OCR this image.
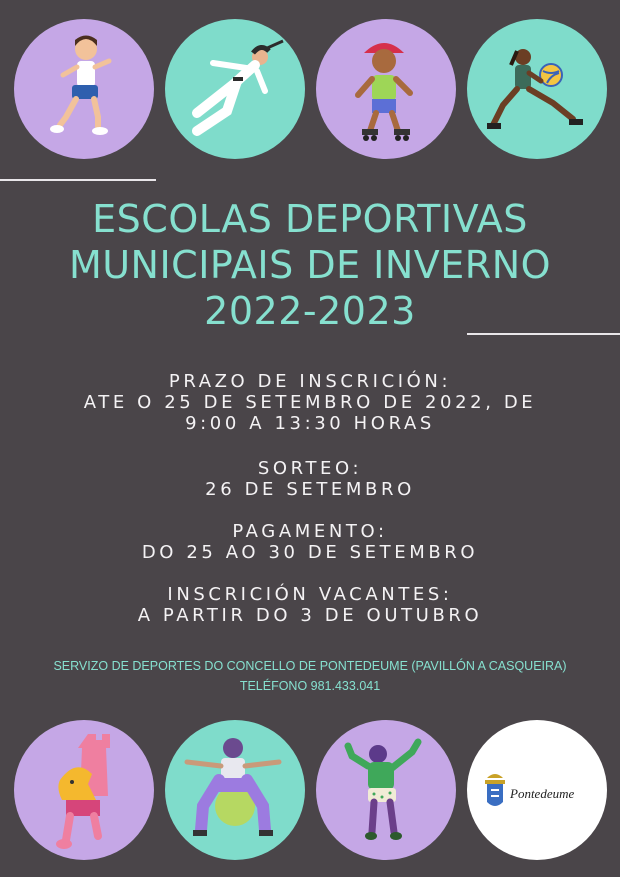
ESCOLAS DEPORTIVAS
MUNICIPAIS DE INVERNO
2022-2023
PRAZO DE INSCRICIÓN:
ATE O 25 DE SETEMBRO DE 2022, DE
9:00 A 13:30 HORAS
SORTEO:
26 DE SETEMBRO
PAGAMENTO:
DO 25 AO 30 DE SETEMBRO
INSCRICIÓN VACANTES:
A PARTIR DO 3 DE OUTUBRO
SERVIZO DE DEPORTES DO CONCELLO DE PONTEDEUME (PAVILLÓN A CASQUEIRA)
TELÉFONO 981.433.041
Pontedeume
